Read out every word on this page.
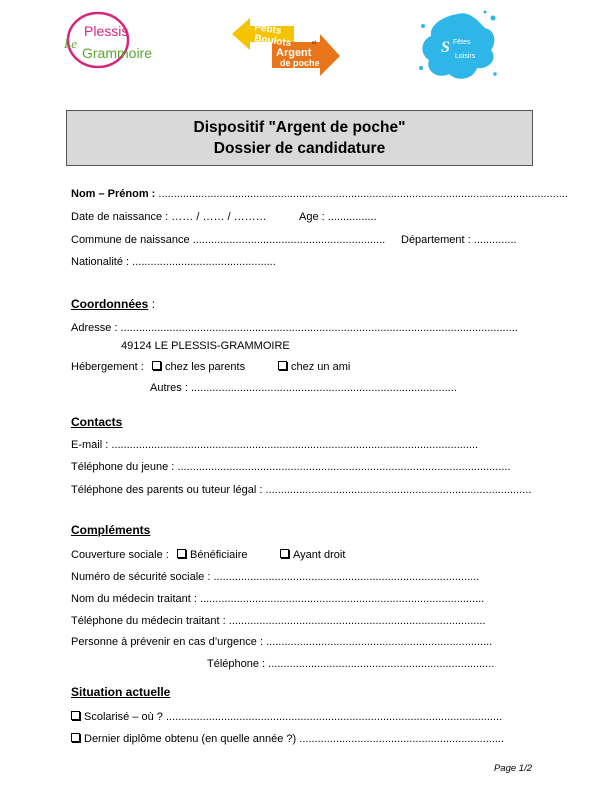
Le
Plessis
Grammoire
Petits
Boulots	et
Argent
de poche
S Fêtes
Loisirs
Dispositif "Argent de poche"
Dossier de candidature
Nom – Prénom : ......................................................................................................................................
Date de naissance : …… / …… / ………	Age : ................
Commune de naissance ............................................................... Département : ..............
Nationalité : ...............................................
Coordonnées :
Adresse : ..................................................................................................................................
49124 LE PLESSIS-GRAMMOIRE
Hébergement :	chez les parents	chez un ami
Autres : .......................................................................................
Contacts
E-mail : ........................................................................................................................
Téléphone du jeune : .............................................................................................................
Téléphone des parents ou tuteur légal : .......................................................................................
Compléments
Couverture sociale :	Bénéficiaire	Ayant droit
Numéro de sécurité sociale : .......................................................................................
Nom du médecin traitant : .............................................................................................
Téléphone du médecin traitant : ....................................................................................
Personne à prévenir en cas d’urgence : ..........................................................................
Téléphone : ..........................................................................
Situation actuelle
Scolarisé – où ? ..............................................................................................................
Dernier diplôme obtenu (en quelle année ?) ...................................................................
Page 1/2
